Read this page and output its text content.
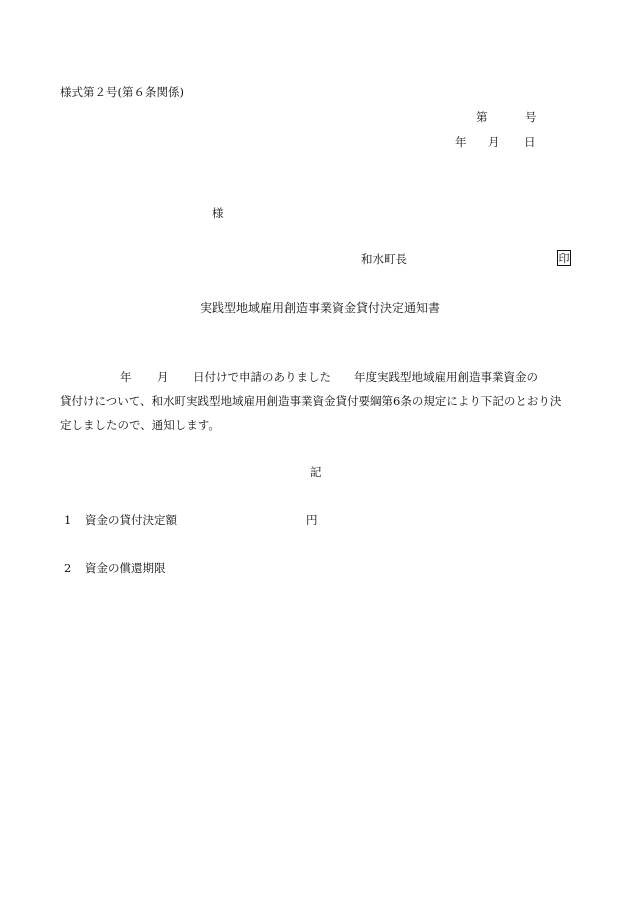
様式第２号(第６条関係)
第	号
年 月 日
様
和水町長	印
実践型地域雇用創造事業資金貸付決定通知書
年 月 日付けで申請のありました 年度実践型地域雇用創造事業資金の
貸付けについて、和水町実践型地域雇用創造事業資金貸付要綱第6条の規定により下記のとおり決
定しましたので、通知します。
記
1 資金の貸付決定額	円
2 資金の償還期限
